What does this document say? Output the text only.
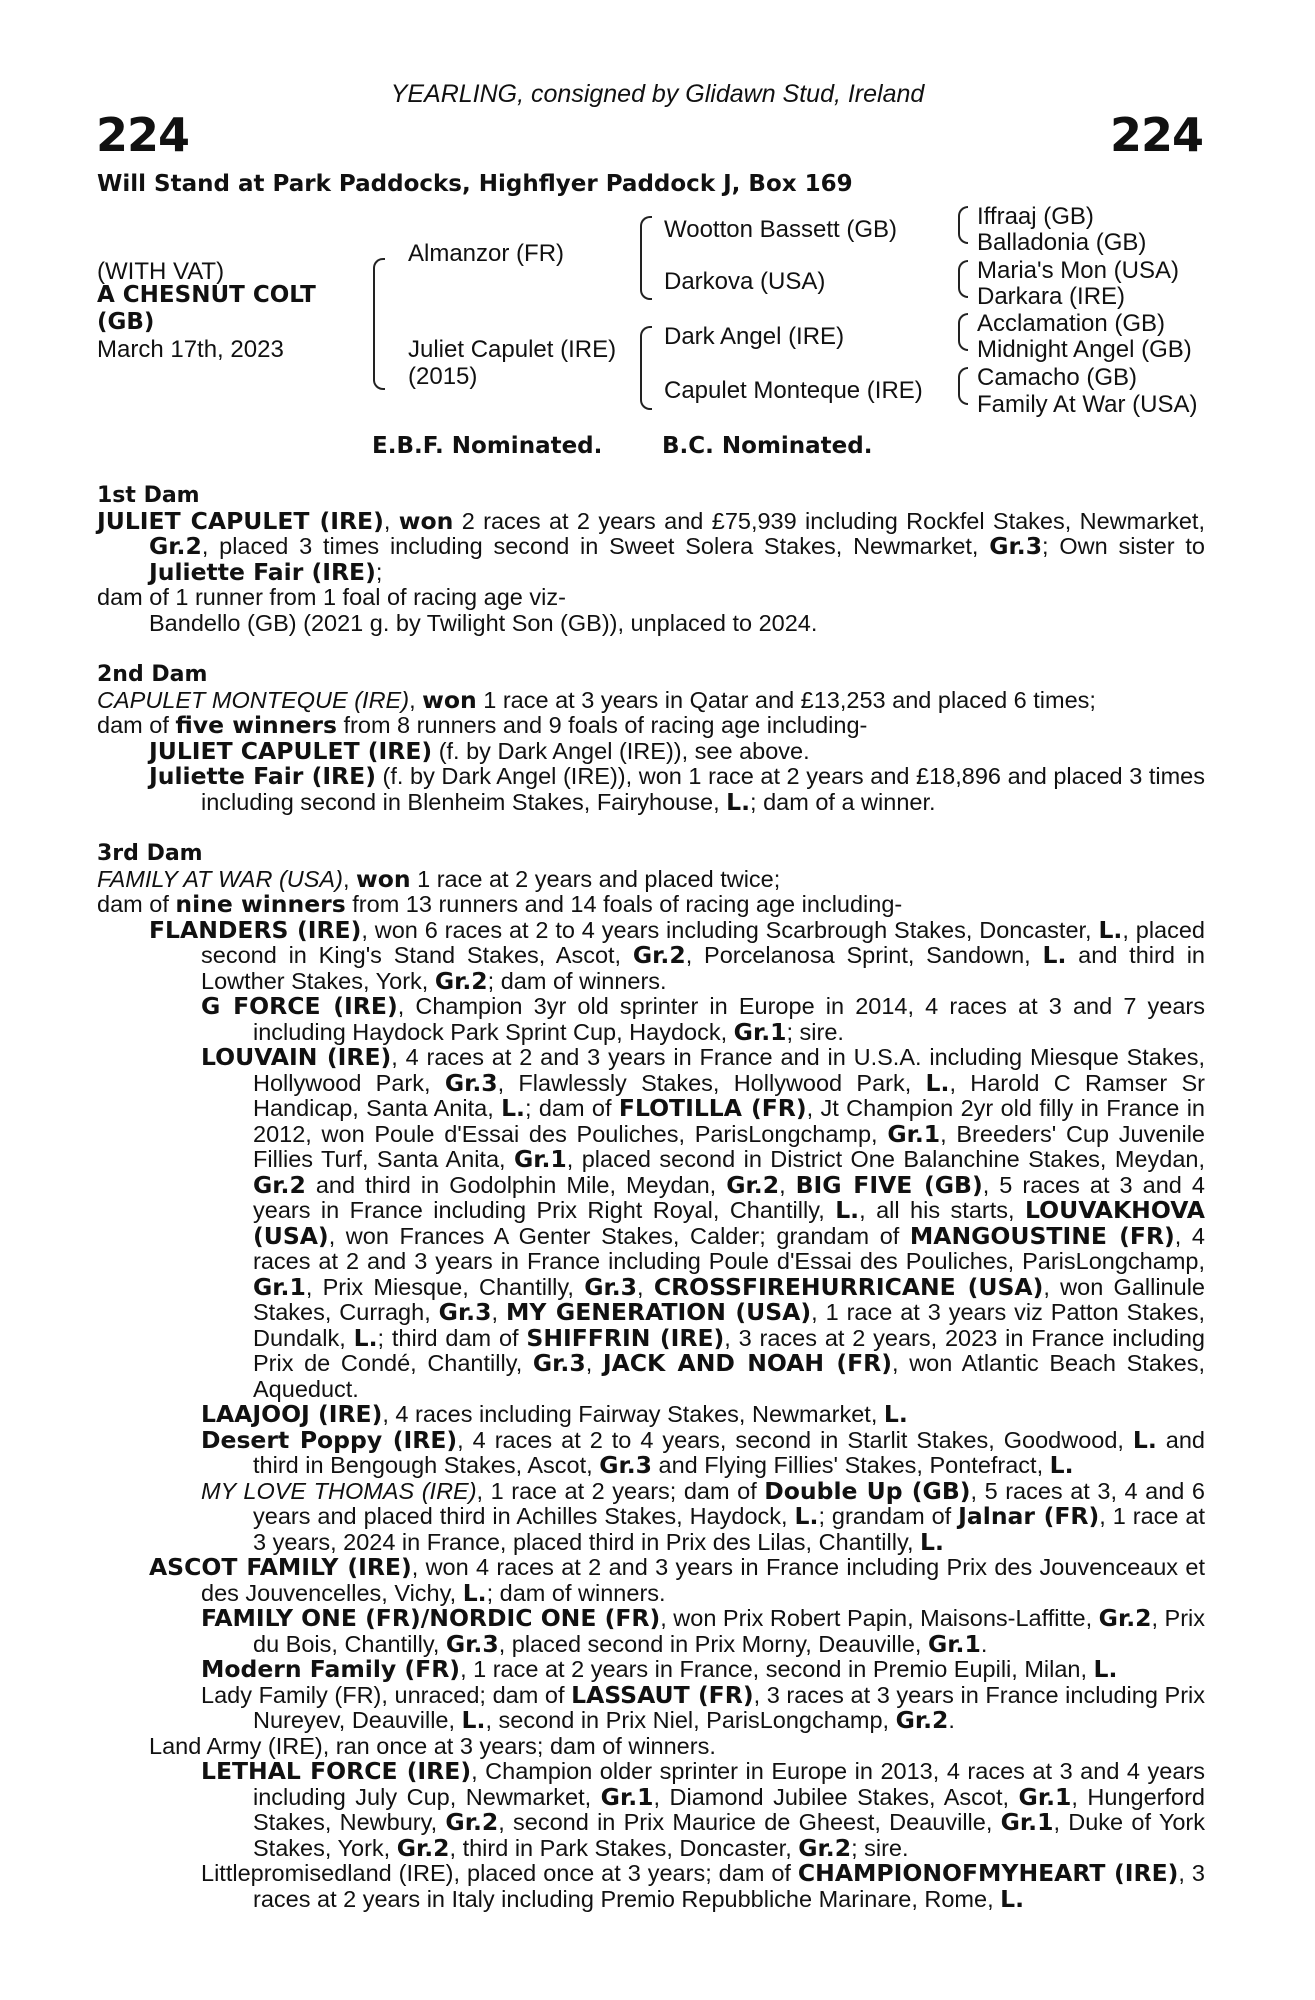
YEARLING, consigned by Glidawn Stud, Ireland
224	224
Will Stand at Park Paddocks, Highflyer Paddock J, Box 169
(WITH VAT)
A CHESNUT COLT
(GB)
March 17th, 2023
Almanzor (FR)
Juliet Capulet (IRE)
(2015)
Wootton Bassett (GB)
Darkova (USA)
Dark Angel (IRE)
Capulet Monteque (IRE)
Iffraaj (GB)
Balladonia (GB)
Maria's Mon (USA)
Darkara (IRE)
Acclamation (GB)
Midnight Angel (GB)
Camacho (GB)
Family At War (USA)
E.B.F. Nominated.	B.C. Nominated.

1st Dam

JULIET CAPULET (IRE), won 2 races at 2 years and £75,939 including Rockfel Stakes, Newmarket, Gr.2, placed 3 times including second in Sweet Solera Stakes, Newmarket, Gr.3; Own sister to Juliette Fair (IRE);

dam of 1 runner from 1 foal of racing age viz-

Bandello (GB) (2021 g. by Twilight Son (GB)), unplaced to 2024.

2nd Dam

CAPULET MONTEQUE (IRE), won 1 race at 3 years in Qatar and £13,253 and placed 6 times;

dam of five winners from 8 runners and 9 foals of racing age including-

JULIET CAPULET (IRE) (f. by Dark Angel (IRE)), see above.

Juliette Fair (IRE) (f. by Dark Angel (IRE)), won 1 race at 2 years and £18,896 and placed 3 times including second in Blenheim Stakes, Fairyhouse, L.; dam of a winner.

3rd Dam

FAMILY AT WAR (USA), won 1 race at 2 years and placed twice;

dam of nine winners from 13 runners and 14 foals of racing age including-

FLANDERS (IRE), won 6 races at 2 to 4 years including Scarbrough Stakes, Doncaster, L., placed second in King's Stand Stakes, Ascot, Gr.2, Porcelanosa Sprint, Sandown, L. and third in Lowther Stakes, York, Gr.2; dam of winners.

G FORCE (IRE), Champion 3yr old sprinter in Europe in 2014, 4 races at 3 and 7 years including Haydock Park Sprint Cup, Haydock, Gr.1; sire.

LOUVAIN (IRE), 4 races at 2 and 3 years in France and in U.S.A. including Miesque Stakes, Hollywood Park, Gr.3, Flawlessly Stakes, Hollywood Park, L., Harold C Ramser Sr Handicap, Santa Anita, L.; dam of FLOTILLA (FR), Jt Champion 2yr old filly in France in 2012, won Poule d'Essai des Pouliches, ParisLongchamp, Gr.1, Breeders' Cup Juvenile Fillies Turf, Santa Anita, Gr.1, placed second in District One Balanchine Stakes, Meydan, Gr.2 and third in Godolphin Mile, Meydan, Gr.2, BIG FIVE (GB), 5 races at 3 and 4 years in France including Prix Right Royal, Chantilly, L., all his starts, LOUVAKHOVA (USA), won Frances A Genter Stakes, Calder; grandam of MANGOUSTINE (FR), 4 races at 2 and 3 years in France including Poule d'Essai des Pouliches, ParisLongchamp, Gr.1, Prix Miesque, Chantilly, Gr.3, CROSSFIREHURRICANE (USA), won Gallinule Stakes, Curragh, Gr.3, MY GENERATION (USA), 1 race at 3 years viz Patton Stakes, Dundalk, L.; third dam of SHIFFRIN (IRE), 3 races at 2 years, 2023 in France including Prix de Condé, Chantilly, Gr.3, JACK AND NOAH (FR), won Atlantic Beach Stakes, Aqueduct.

LAAJOOJ (IRE), 4 races including Fairway Stakes, Newmarket, L.

Desert Poppy (IRE), 4 races at 2 to 4 years, second in Starlit Stakes, Goodwood, L. and third in Bengough Stakes, Ascot, Gr.3 and Flying Fillies' Stakes, Pontefract, L.

MY LOVE THOMAS (IRE), 1 race at 2 years; dam of Double Up (GB), 5 races at 3, 4 and 6 years and placed third in Achilles Stakes, Haydock, L.; grandam of Jalnar (FR), 1 race at 3 years, 2024 in France, placed third in Prix des Lilas, Chantilly, L.

ASCOT FAMILY (IRE), won 4 races at 2 and 3 years in France including Prix des Jouvenceaux et des Jouvencelles, Vichy, L.; dam of winners.

FAMILY ONE (FR)/NORDIC ONE (FR), won Prix Robert Papin, Maisons-Laffitte, Gr.2, Prix du Bois, Chantilly, Gr.3, placed second in Prix Morny, Deauville, Gr.1.

Modern Family (FR), 1 race at 2 years in France, second in Premio Eupili, Milan, L.

Lady Family (FR), unraced; dam of LASSAUT (FR), 3 races at 3 years in France including Prix Nureyev, Deauville, L., second in Prix Niel, ParisLongchamp, Gr.2.

Land Army (IRE), ran once at 3 years; dam of winners.

LETHAL FORCE (IRE), Champion older sprinter in Europe in 2013, 4 races at 3 and 4 years including July Cup, Newmarket, Gr.1, Diamond Jubilee Stakes, Ascot, Gr.1, Hungerford Stakes, Newbury, Gr.2, second in Prix Maurice de Gheest, Deauville, Gr.1, Duke of York Stakes, York, Gr.2, third in Park Stakes, Doncaster, Gr.2; sire.

Littlepromisedland (IRE), placed once at 3 years; dam of CHAMPIONOFMYHEART (IRE), 3 races at 2 years in Italy including Premio Repubbliche Marinare, Rome, L.
